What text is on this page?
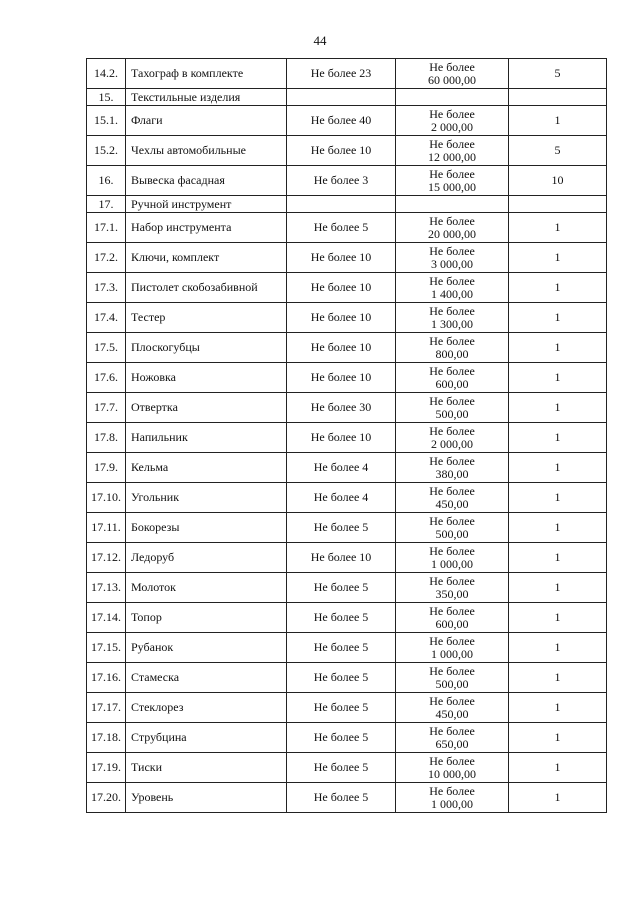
44
14.2.	Тахограф в комплекте	Не более 23	Не более
60 000,00	5
15.	Текстильные изделия		

15.1.	Флаги	Не более 40	Не более
2 000,00	1
15.2.	Чехлы автомобильные	Не более 10	Не более
12 000,00	5
16.	Вывеска фасадная	Не более 3	Не более
15 000,00	10
17.	Ручной инструмент		

17.1.	Набор инструмента	Не более 5	Не более
20 000,00	1
17.2.	Ключи, комплект	Не более 10	Не более
3 000,00	1
17.3.	Пистолет скобозабивной	Не более 10	Не более
1 400,00	1
17.4.	Тестер	Не более 10	Не более
1 300,00	1
17.5.	Плоскогубцы	Не более 10	Не более
800,00	1
17.6.	Ножовка	Не более 10	Не более
600,00	1
17.7.	Отвертка	Не более 30	Не более
500,00	1
17.8.	Напильник	Не более 10	Не более
2 000,00	1
17.9.	Кельма	Не более 4	Не более
380,00	1
17.10.	Угольник	Не более 4	Не более
450,00	1
17.11.	Бокорезы	Не более 5	Не более
500,00	1
17.12.	Ледоруб	Не более 10	Не более
1 000,00	1
17.13.	Молоток	Не более 5	Не более
350,00	1
17.14.	Топор	Не более 5	Не более
600,00	1
17.15.	Рубанок	Не более 5	Не более
1 000,00	1
17.16.	Стамеска	Не более 5	Не более
500,00	1
17.17.	Стеклорез	Не более 5	Не более
450,00	1
17.18.	Струбцина	Не более 5	Не более
650,00	1
17.19.	Тиски	Не более 5	Не более
10 000,00	1
17.20.	Уровень	Не более 5	Не более
1 000,00	1
